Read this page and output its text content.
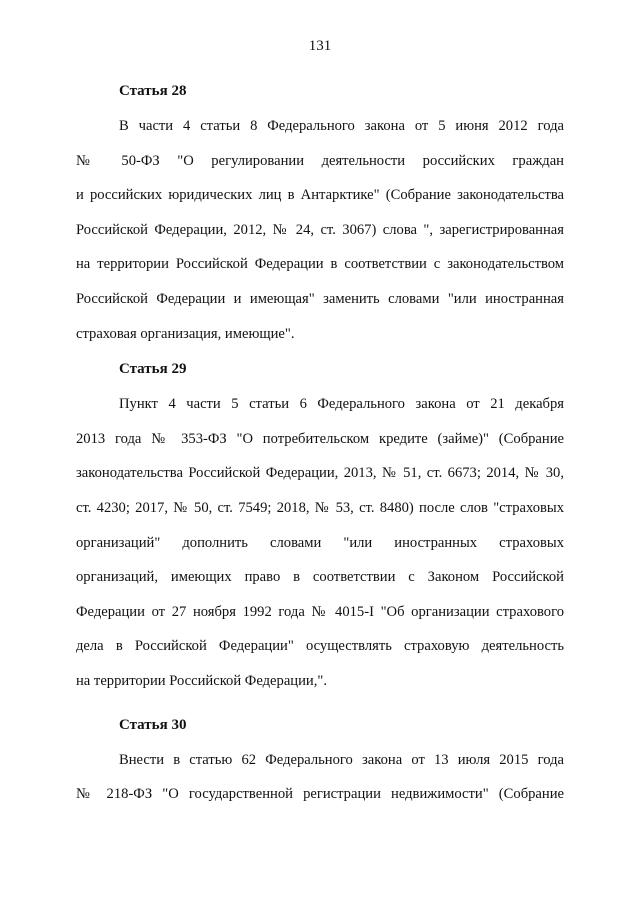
131
Статья 28
В части 4 статьи 8 Федерального закона от 5 июня 2012 года
№ 50-ФЗ "О регулировании деятельности российских граждан
и российских юридических лиц в Антарктике" (Собрание законодательства
Российской Федерации, 2012, № 24, ст. 3067) слова ", зарегистрированная
на территории Российской Федерации в соответствии с законодательством
Российской Федерации и имеющая" заменить словами "или иностранная
страховая организация, имеющие".
Статья 29
Пункт 4 части 5 статьи 6 Федерального закона от 21 декабря
2013 года № 353-ФЗ "О потребительском кредите (займе)" (Собрание
законодательства Российской Федерации, 2013, № 51, ст. 6673; 2014, № 30,
ст. 4230; 2017, № 50, ст. 7549; 2018, № 53, ст. 8480) после слов "страховых
организаций" дополнить словами "или иностранных страховых
организаций, имеющих право в соответствии с Законом Российской
Федерации от 27 ноября 1992 года № 4015-I "Об организации страхового
дела в Российской Федерации" осуществлять страховую деятельность
на территории Российской Федерации,".
Статья 30
Внести в статью 62 Федерального закона от 13 июля 2015 года
№ 218-ФЗ "О государственной регистрации недвижимости" (Собрание
